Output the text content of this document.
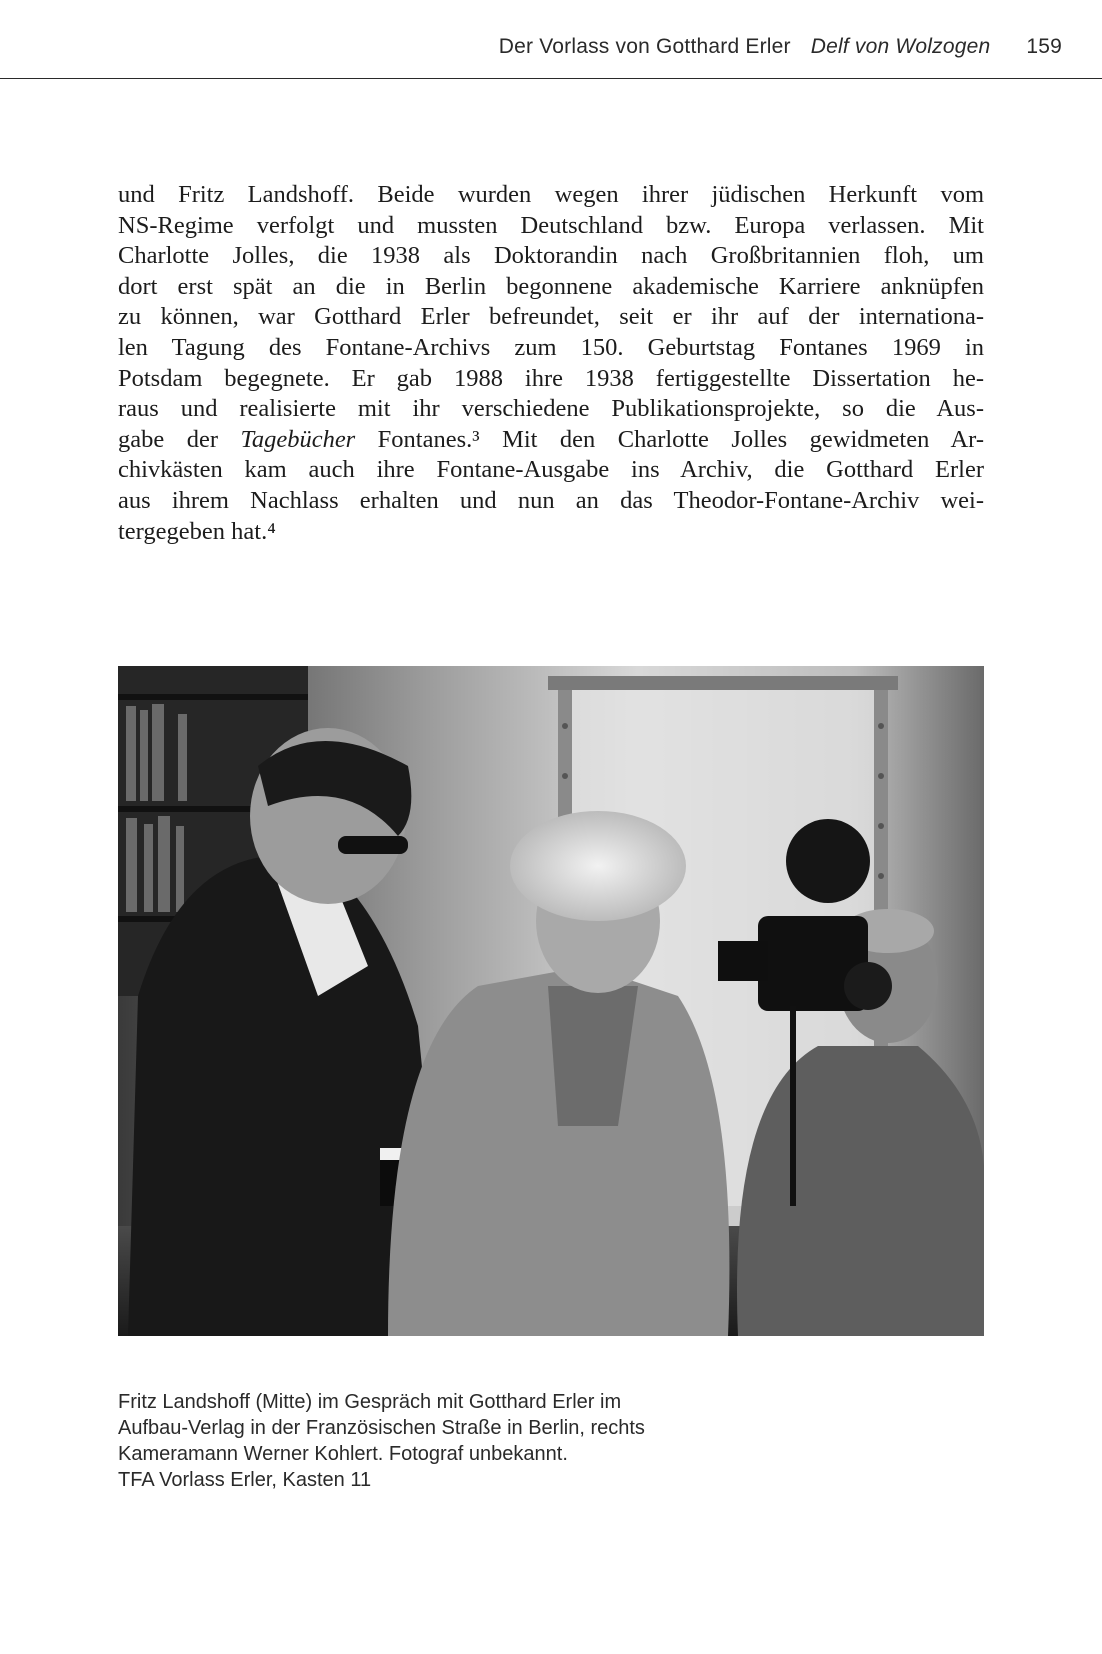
Der Vorlass von Gotthard Erler Delf von Wolzogen 159
und Fritz Landshoff. Beide wurden wegen ihrer jüdischen Herkunft vom
NS-Regime verfolgt und mussten Deutschland bzw. Europa verlassen. Mit
Charlotte Jolles, die 1938 als Doktorandin nach Großbritannien floh, um
dort erst spät an die in Berlin begonnene akademische Karriere anknüpfen
zu können, war Gotthard Erler befreundet, seit er ihr auf der internationa-
len Tagung des Fontane-Archivs zum 150. Geburtstag Fontanes 1969 in
Potsdam begegnete. Er gab 1988 ihre 1938 fertiggestellte Dissertation he-
raus und realisierte mit ihr verschiedene Publikationsprojekte, so die Aus-
gabe der Tagebücher Fontanes.³ Mit den Charlotte Jolles gewidmeten Ar-
chivkästen kam auch ihre Fontane-Ausgabe ins Archiv, die Gotthard Erler
aus ihrem Nachlass erhalten und nun an das Theodor-Fontane-Archiv wei-
tergegeben hat.⁴
Fritz Landshoff (Mitte) im Gespräch mit Gotthard Erler im
Aufbau-Verlag in der Französischen Straße in Berlin, rechts
Kameramann Werner Kohlert. Fotograf unbekannt.
TFA Vorlass Erler, Kasten 11
